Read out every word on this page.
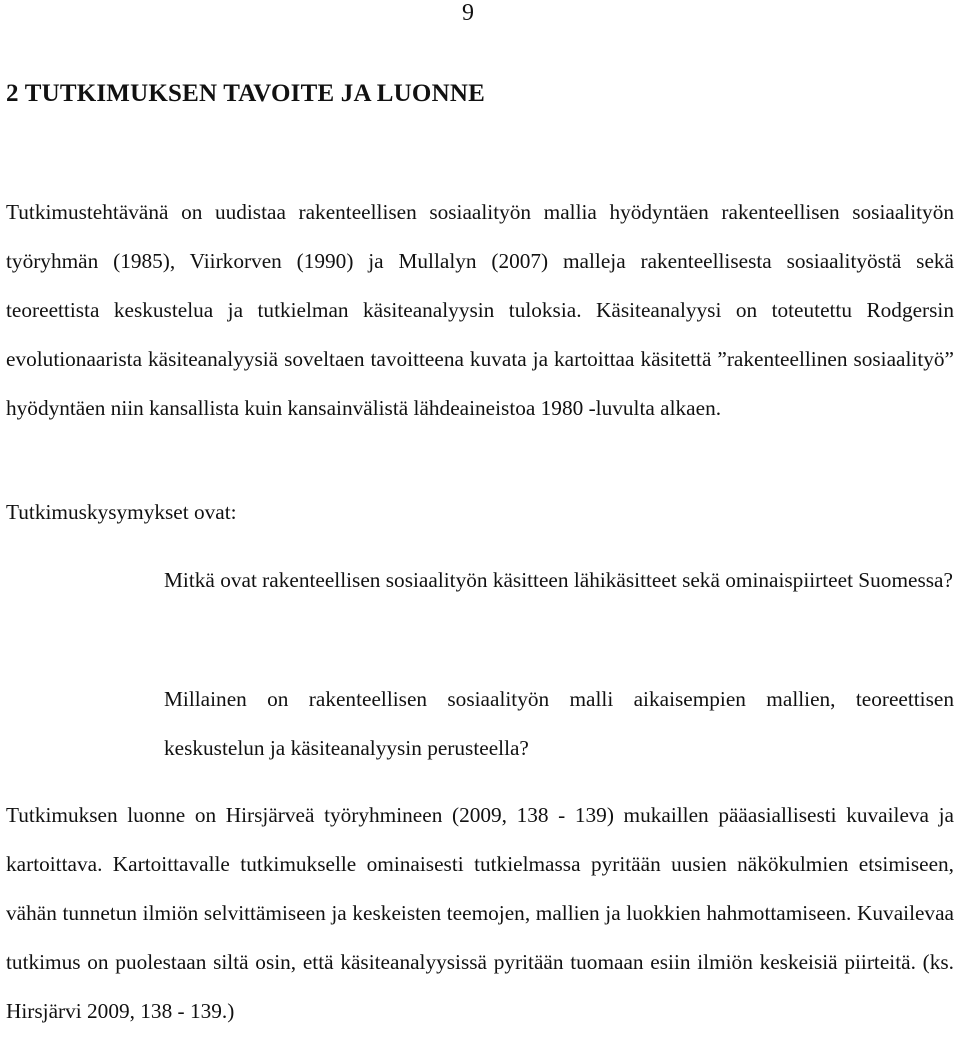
9
2 TUTKIMUKSEN TAVOITE JA LUONNE

Tutkimustehtävänä on uudistaa rakenteellisen sosiaalityön mallia hyödyntäen rakenteellisen sosiaalityön työryhmän (1985), Viirkorven (1990) ja Mullalyn (2007) malleja rakenteellisesta sosiaalityöstä sekä teoreettista keskustelua ja tutkielman käsiteanalyysin tuloksia. Käsiteanalyysi on toteutettu Rodgersin evolutionaarista käsiteanalyysiä soveltaen tavoitteena kuvata ja kartoittaa käsitettä ”rakenteellinen sosiaalityö” hyödyntäen niin kansallista kuin kansainvälistä lähdeaineistoa 1980 -luvulta alkaen.

Tutkimuskysymykset ovat:

Mitkä ovat rakenteellisen sosiaalityön käsitteen lähikäsitteet sekä ominaispiirteet Suomessa?

Millainen on rakenteellisen sosiaalityön malli aikaisempien mallien, teoreettisen keskustelun ja käsiteanalyysin perusteella?

Tutkimuksen luonne on Hirsjärveä työryhmineen (2009, 138 - 139) mukaillen pääasiallisesti kuvaileva ja kartoittava. Kartoittavalle tutkimukselle ominaisesti tutkielmassa pyritään uusien näkökulmien etsimiseen, vähän tunnetun ilmiön selvittämiseen ja keskeisten teemojen, mallien ja luokkien hahmottamiseen. Kuvailevaa tutkimus on puolestaan siltä osin, että käsiteanalyysissä pyritään tuomaan esiin ilmiön keskeisiä piirteitä. (ks. Hirsjärvi 2009, 138 - 139.)
